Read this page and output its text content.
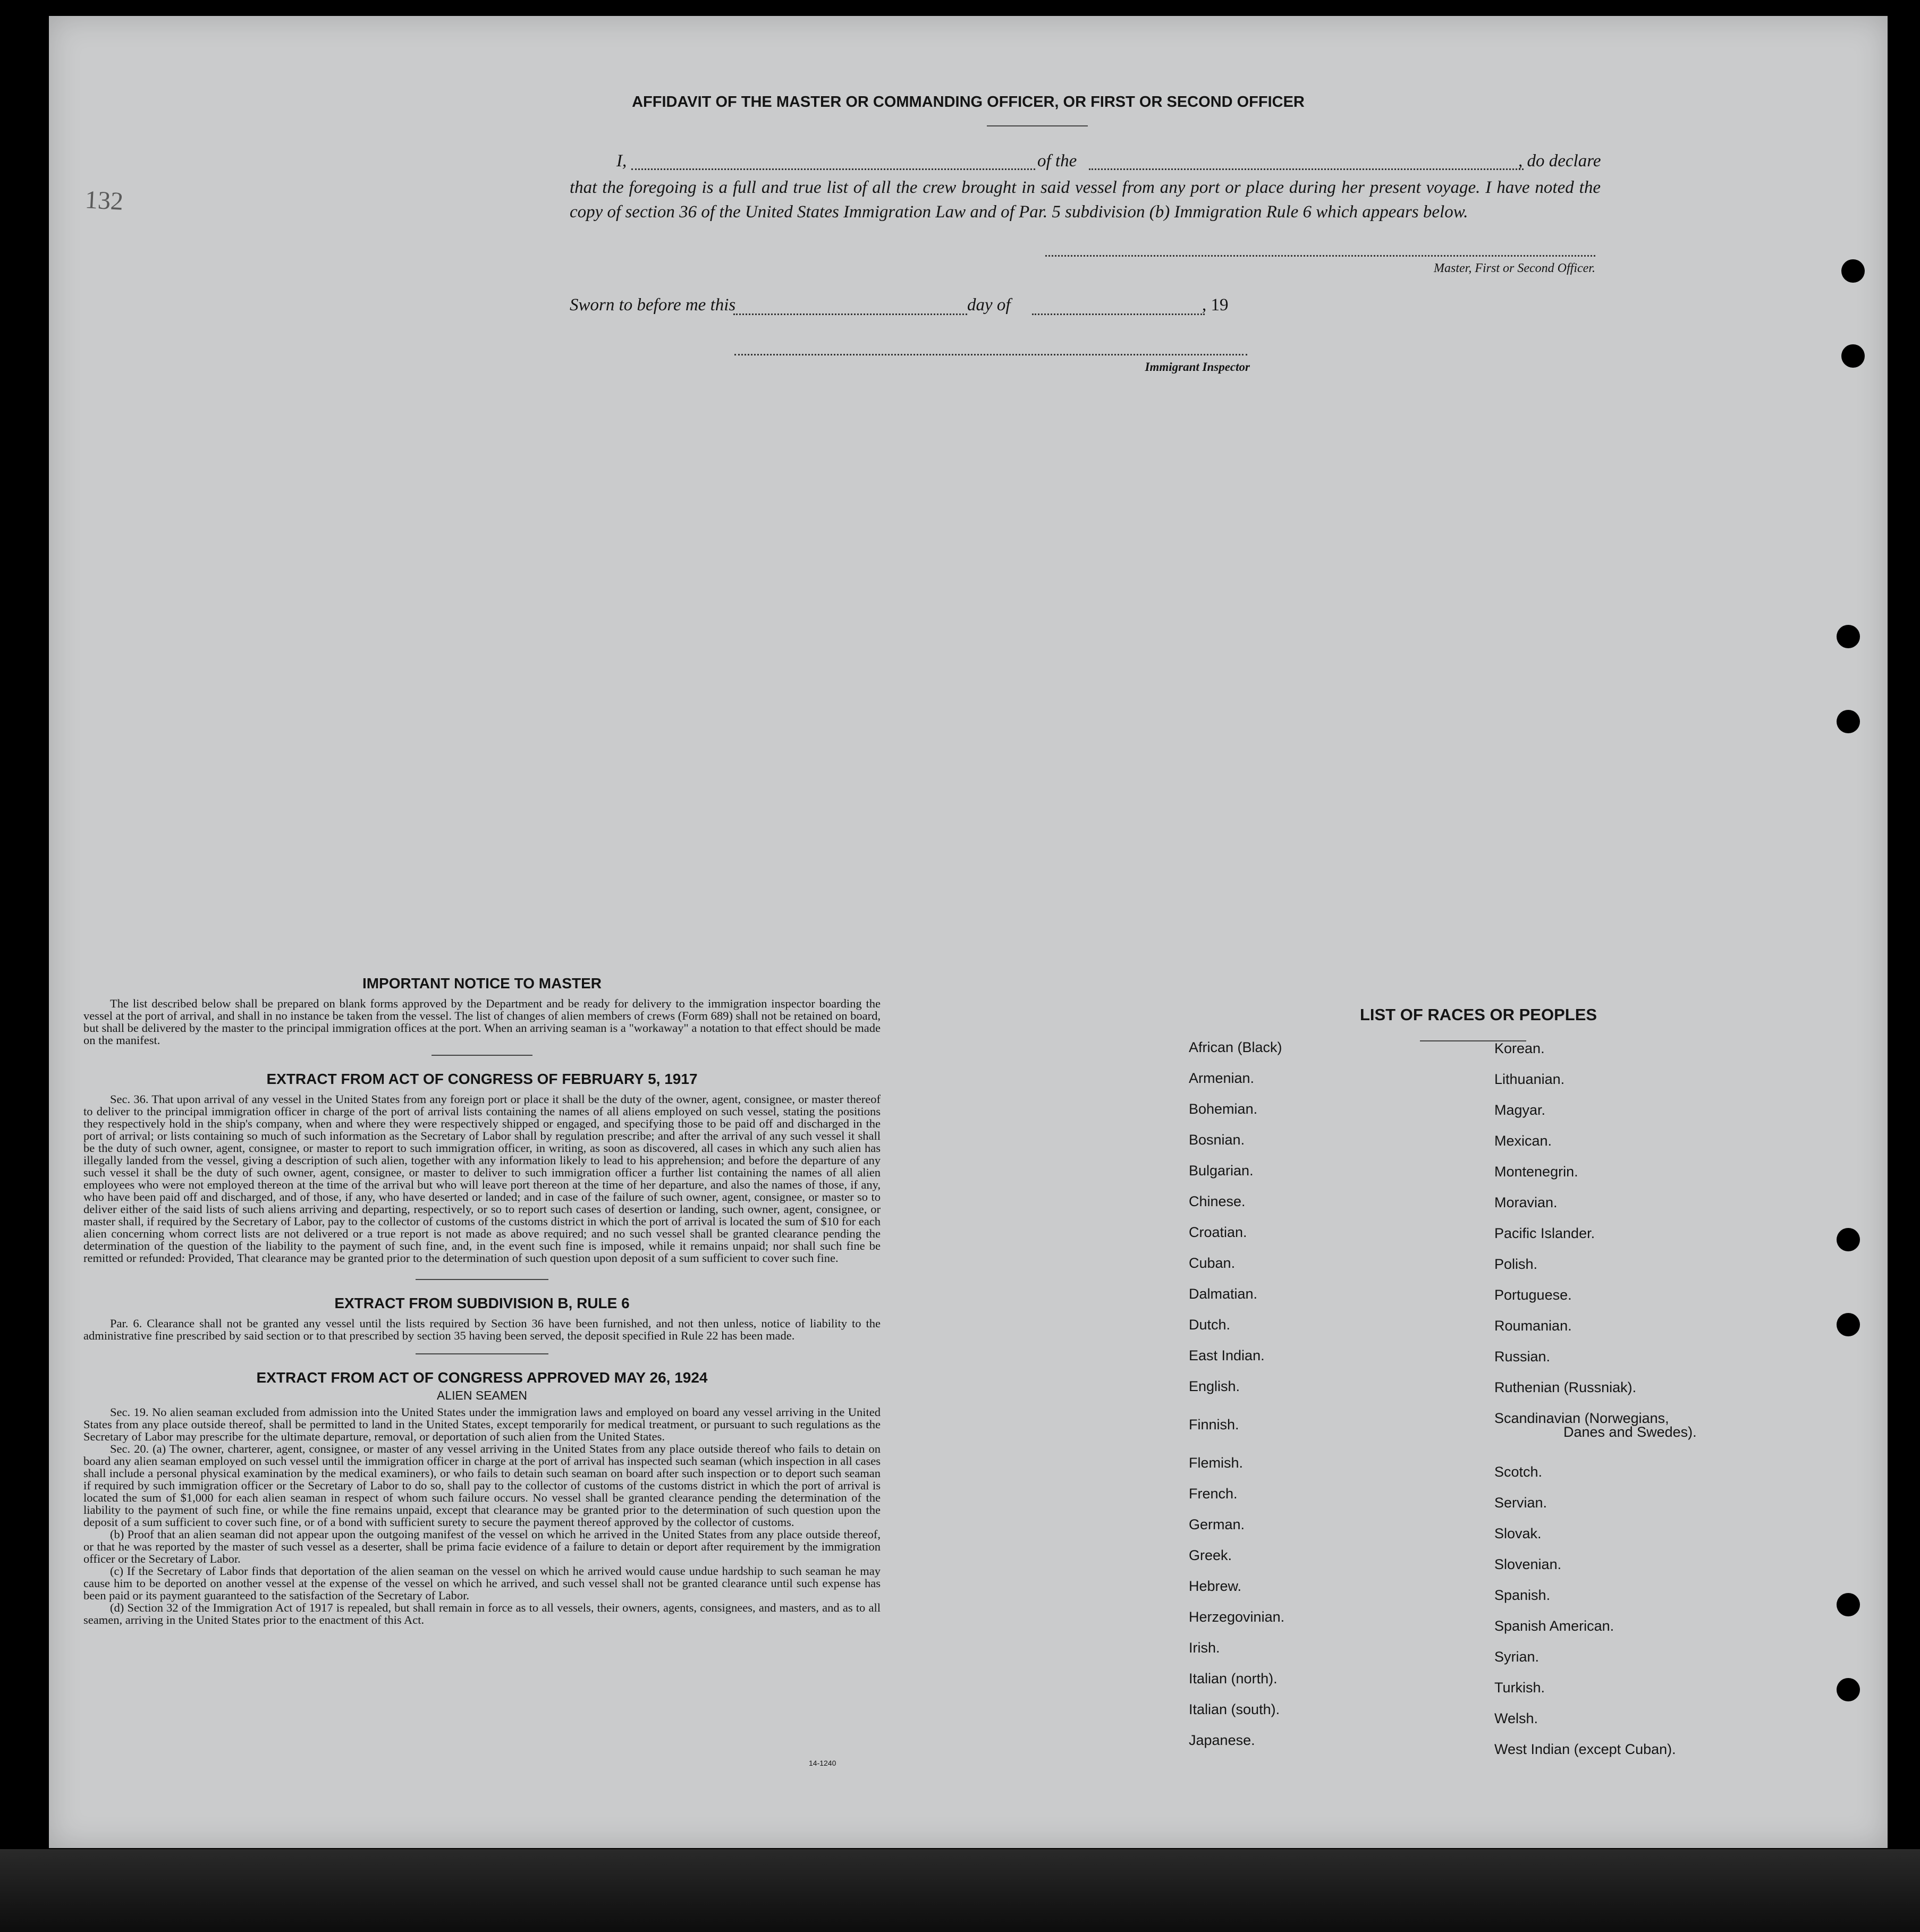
AFFIDAVIT OF THE MASTER OR COMMANDING OFFICER, OR FIRST OR SECOND OFFICER
I,	of the	, do declare
that the foregoing is a full and true list of all the crew brought in said vessel from any port or place during her present voyage. I have noted the copy of section 36 of the United States Immigration Law and of Par. 5 subdivision (b) Immigration Rule 6 which appears below.
Master, First or Second Officer.
Sworn to before me this	day of	, 19
Immigrant Inspector
132
IMPORTANT NOTICE TO MASTER

The list described below shall be prepared on blank forms approved by the Department and be ready for delivery to the immigration inspector boarding the vessel at the port of arrival, and shall in no instance be taken from the vessel. The list of changes of alien members of crews (Form 689) shall not be retained on board, but shall be delivered by the master to the principal immigration offices at the port. When an arriving seaman is a "workaway" a notation to that effect should be made on the manifest.

EXTRACT FROM ACT OF CONGRESS OF FEBRUARY 5, 1917

Sec. 36. That upon arrival of any vessel in the United States from any foreign port or place it shall be the duty of the owner, agent, consignee, or master thereof to deliver to the principal immigration officer in charge of the port of arrival lists containing the names of all aliens employed on such vessel, stating the positions they respectively hold in the ship's company, when and where they were respectively shipped or engaged, and specifying those to be paid off and discharged in the port of arrival; or lists containing so much of such information as the Secretary of Labor shall by regulation prescribe; and after the arrival of any such vessel it shall be the duty of such owner, agent, consignee, or master to report to such immigration officer, in writing, as soon as discovered, all cases in which any such alien has illegally landed from the vessel, giving a description of such alien, together with any information likely to lead to his apprehension; and before the departure of any such vessel it shall be the duty of such owner, agent, consignee, or master to deliver to such immigration officer a further list containing the names of all alien employees who were not employed thereon at the time of the arrival but who will leave port thereon at the time of her departure, and also the names of those, if any, who have been paid off and discharged, and of those, if any, who have deserted or landed; and in case of the failure of such owner, agent, consignee, or master so to deliver either of the said lists of such aliens arriving and departing, respectively, or so to report such cases of desertion or landing, such owner, agent, consignee, or master shall, if required by the Secretary of Labor, pay to the collector of customs of the customs district in which the port of arrival is located the sum of $10 for each alien concerning whom correct lists are not delivered or a true report is not made as above required; and no such vessel shall be granted clearance pending the determination of the question of the liability to the payment of such fine, and, in the event such fine is imposed, while it remains unpaid; nor shall such fine be remitted or refunded: Provided, That clearance may be granted prior to the determination of such question upon deposit of a sum sufficient to cover such fine.

EXTRACT FROM SUBDIVISION B, RULE 6

Par. 6. Clearance shall not be granted any vessel until the lists required by Section 36 have been furnished, and not then unless, notice of liability to the administrative fine prescribed by said section or to that prescribed by section 35 having been served, the deposit specified in Rule 22 has been made.

EXTRACT FROM ACT OF CONGRESS APPROVED MAY 26, 1924
ALIEN SEAMEN

Sec. 19. No alien seaman excluded from admission into the United States under the immigration laws and employed on board any vessel arriving in the United States from any place outside thereof, shall be permitted to land in the United States, except temporarily for medical treatment, or pursuant to such regulations as the Secretary of Labor may prescribe for the ultimate departure, removal, or deportation of such alien from the United States.

Sec. 20. (a) The owner, charterer, agent, consignee, or master of any vessel arriving in the United States from any place outside thereof who fails to detain on board any alien seaman employed on such vessel until the immigration officer in charge at the port of arrival has inspected such seaman (which inspection in all cases shall include a personal physical examination by the medical examiners), or who fails to detain such seaman on board after such inspection or to deport such seaman if required by such immigration officer or the Secretary of Labor to do so, shall pay to the collector of customs of the customs district in which the port of arrival is located the sum of $1,000 for each alien seaman in respect of whom such failure occurs. No vessel shall be granted clearance pending the determination of the liability to the payment of such fine, or while the fine remains unpaid, except that clearance may be granted prior to the determination of such question upon the deposit of a sum sufficient to cover such fine, or of a bond with sufficient surety to secure the payment thereof approved by the collector of customs.

(b) Proof that an alien seaman did not appear upon the outgoing manifest of the vessel on which he arrived in the United States from any place outside thereof, or that he was reported by the master of such vessel as a deserter, shall be prima facie evidence of a failure to detain or deport after requirement by the immigration officer or the Secretary of Labor.

(c) If the Secretary of Labor finds that deportation of the alien seaman on the vessel on which he arrived would cause undue hardship to such seaman he may cause him to be deported on another vessel at the expense of the vessel on which he arrived, and such vessel shall not be granted clearance until such expense has been paid or its payment guaranteed to the satisfaction of the Secretary of Labor.

(d) Section 32 of the Immigration Act of 1917 is repealed, but shall remain in force as to all vessels, their owners, agents, consignees, and masters, and as to all seamen, arriving in the United States prior to the enactment of this Act.

14-1240
LIST OF RACES OR PEOPLES
African (Black)
Armenian.
Bohemian.
Bosnian.
Bulgarian.
Chinese.
Croatian.
Cuban.
Dalmatian.
Dutch.
East Indian.
English.
Finnish.
Flemish.
French.
German.
Greek.
Hebrew.
Herzegovinian.
Irish.
Italian (north).
Italian (south).
Japanese.
Korean.
Lithuanian.
Magyar.
Mexican.
Montenegrin.
Moravian.
Pacific Islander.
Polish.
Portuguese.
Roumanian.
Russian.
Ruthenian (Russniak).
Scandinavian (Norwegians,
Scotch.
Servian.
Slovak.
Slovenian.
Spanish.
Spanish American.
Syrian.
Turkish.
Welsh.
West Indian (except Cuban).
Danes and Swedes).
